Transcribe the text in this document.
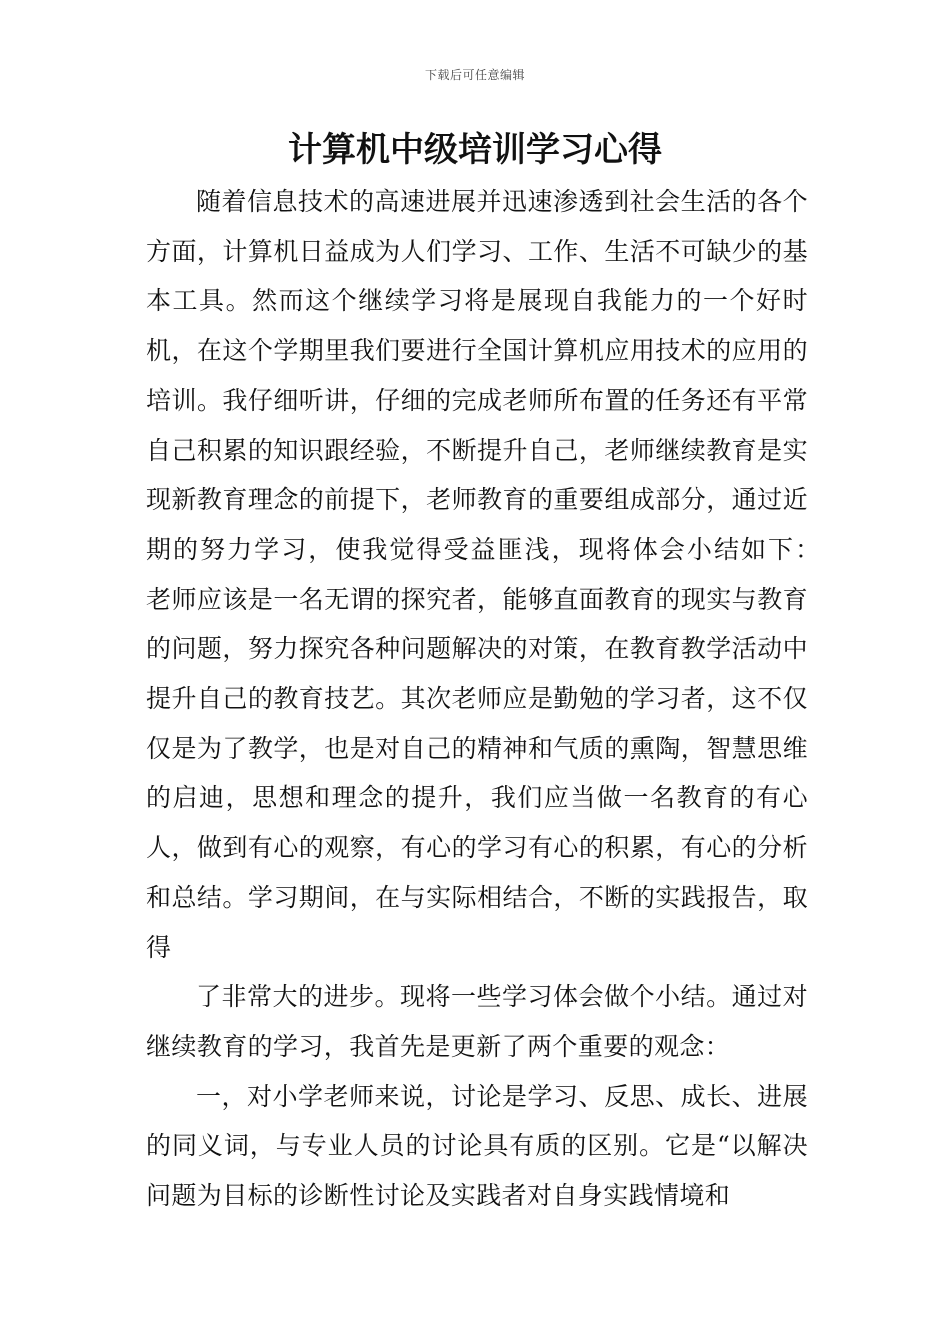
下载后可任意编辑
计算机中级培训学习心得

随着信息技术的高速进展并迅速渗透到社会生活的各个方面，计算机日益成为人们学习、工作、生活不可缺少的基本工具。然而这个继续学习将是展现自我能力的一个好时机，在这个学期里我们要进行全国计算机应用技术的应用的培训。我仔细听讲，仔细的完成老师所布置的任务还有平常自己积累的知识跟经验，不断提升自己，老师继续教育是实现新教育理念的前提下，老师教育的重要组成部分，通过近期的努力学习，使我觉得受益匪浅，现将体会小结如下：　老师应该是一名无谓的探究者，能够直面教育的现实与教育的问题，努力探究各种问题解决的对策，在教育教学活动中提升自己的教育技艺。其次老师应是勤勉的学习者，这不仅仅是为了教学，也是对自己的精神和气质的熏陶，智慧思维的启迪，思想和理念的提升，我们应当做一名教育的有心人，做到有心的观察，有心的学习有心的积累，有心的分析和总结。学习期间，在与实际相结合，不断的实践报告，取得

了非常大的进步。现将一些学习体会做个小结。通过对继续教育的学习，我首先是更新了两个重要的观念：

一，对小学老师来说，讨论是学习、反思、成长、进展的同义词，与专业人员的讨论具有质的区别。它是“以解决问题为目标的诊断性讨论及实践者对自身实践情境和
